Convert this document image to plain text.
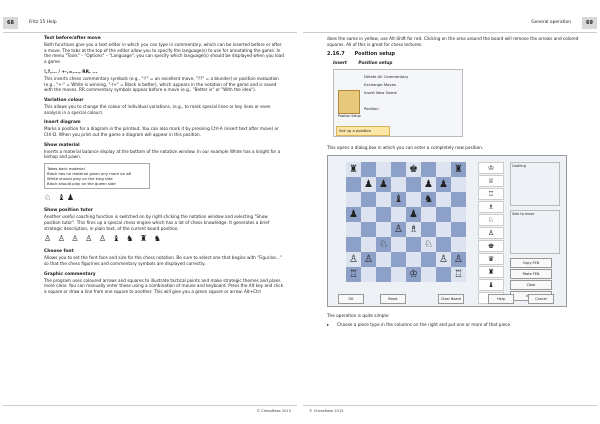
68	Fritz 15 Help
Text before/after move

Both functions give you a text editor in which you can type in commentary, which can be inserted before or after a move. The tabs at the top of the editor allow you to specify the language(s) to use for annotating the game. In the menu "Tools" – "Options" – "Language", you can specify which language(s) should be displayed when you load a game.

!,?,... / +-,=,..., RR, ...

This inserts chess commentary symbols (e.g., "!!" = an excellent move, "??" = a blunder) or position evaluation (e.g., "+-" = White is winning, "-/+" = Black is better), which appears in the notation of the game and is saved with the moves. RR commentary symbols appear before a move (e.g., "Better is" or "With the idea").

Variation colour

This allows you to change the colour of individual variations, (e.g., to mark special lines or key lines or even analysis in a special colour).

Insert diagram

Marks a position for a diagram in the printout. You can also mark it by pressing Ctrl-A (insert text after move) or Ctrl-D. When you print out the game a diagram will appear in this position.

Show material

Inserts a material balance display at the bottom of the notation window. In our example White has a knight for a bishop and pawn.

Takes back material
Black has no material given any more on a8
White should play on the king side
Black should play on the queen side
♘ ♝♟
Show position tutor

Another useful coaching function is switched on by right-clicking the notation window and selecting "Show position tutor". This fires up a special chess engine which has a lot of chess knowledge. It generates a brief strategic description, in plain text, of the current board position.

♙ ♙ ♙ ♙ ♙ ♝ ♞ ♜ ♞
Choose font

Allows you to set the font face and size for the chess notation. Be sure to select one that begins with "Figurine..." so that the chess figurines and commentary symbols are displayed correctly.

Graphic commentary

The program uses coloured arrows and squares to illustrate tactical points and make strategic themes and plans more clear. You can manually enter these using a combination of mouse and keyboard. Press the Alt key and click a square or draw a line from one square to another: This will give you a green square or arrow. Alt+Ctrl

© ChessBase 2015
General operation	69

does the same in yellow, use Alt-Shift for red. Clicking on the area around the board will remove the arrows and colored squares. All of this is great for chess lectures.

2.16.7 Position setup
Insert	Position setup
Delete All Commentary
Exchange Moves
Insert New Game
Position
Position Setup
Set up a position

This opens a dialog box in which you can enter a completely new position.

♜	♚	♜
♟ ♟	♟ ♟
♝	♞
♟	♟
♙ ♗
♘	♘
♙ ♙	♙ ♙
♖	♔	♖
♔
♕
♖
♗
♘
♙
♚
♛
♜
♝
Castling
Side to move
Copy FEN
Paste FEN
Clear
OK	Reset	Clear Board	Help	Cancel

The operation is quite simple:

▸ Choose a piece type in the columns on the right and put one or more of that piece

© ChessBase 2015
